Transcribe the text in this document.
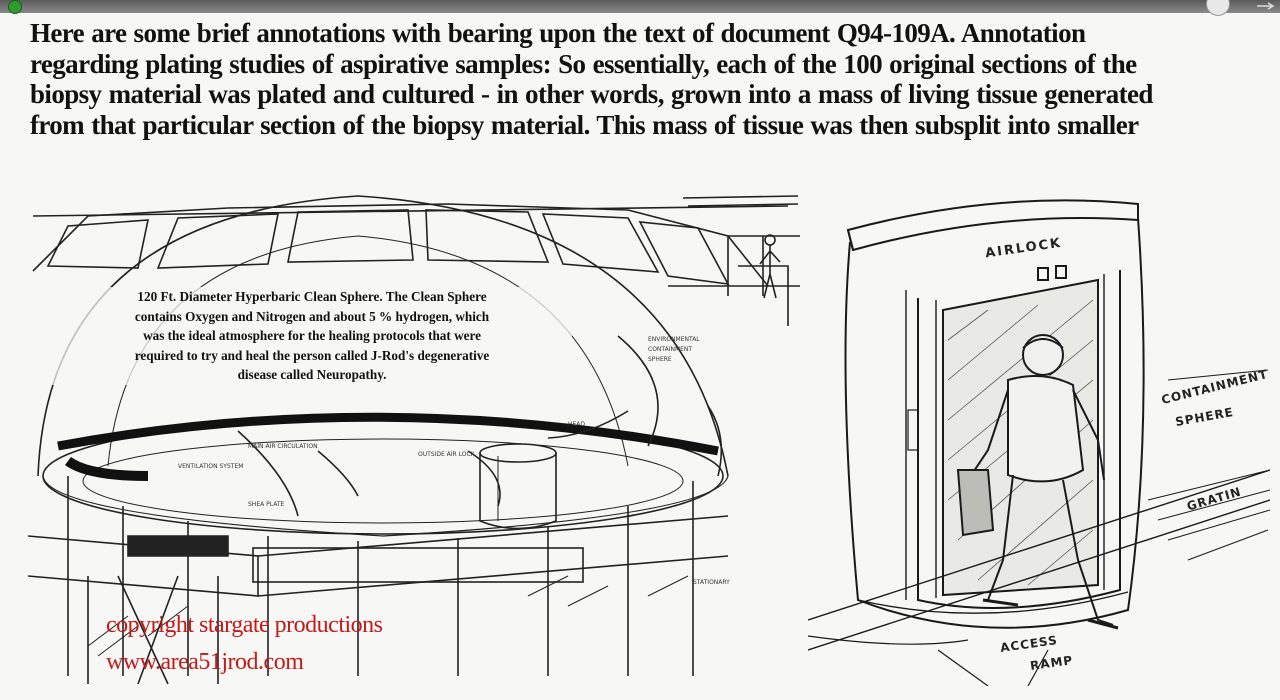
Here are some brief annotations with bearing upon the text of document Q94-109A. Annotation
regarding plating studies of aspirative samples: So essentially, each of the 100 original sections of the
biopsy material was plated and cultured - in other words, grown into a mass of living tissue generated
from that particular section of the biopsy material. This mass of tissue was then subsplit into smaller
VENTILATION SYSTEM
MAIN AIR CIRCULATION
OUTSIDE AIR LOCK
ENVIRONMENTAL
CONTAINMENT
SPHERE
SHEA PLATE
STATIONARY
HEAD
120 Ft. Diameter Hyperbaric Clean Sphere. The Clean Sphere
contains Oxygen and Nitrogen and about 5 % hydrogen, which
was the ideal atmosphere for the healing protocols that were
required to try and heal the person called J-Rod's degenerative
disease called Neuropathy.
copyright stargate productions
www.area51jrod.com
AIRLOCK
CONTAINMENT
SPHERE
GRATIN
ACCESS
RAMP
